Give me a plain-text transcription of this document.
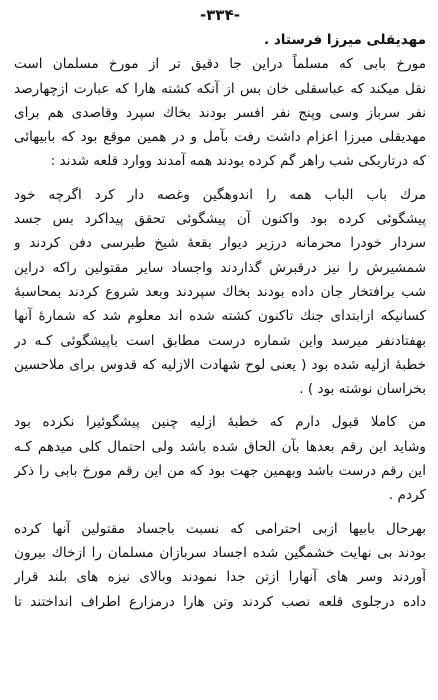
-۳۳۴-
مهدیقلی میرزا فرستاد .
مورخ بابی که مسلماً دراین جا دقیق تر از مورخ مسلمان است
نقل میکند که عباسقلی خان بس از آنکه کشته هارا که عبارت ازچهارصد
نفر سرباز وسی وپنج نفر افسر بودند بخاك سپرد وقاصدی هم برای
مهدیقلی میرزا اعزام داشت رفت بآمل و در همین موقع بود که بابیهائی
که درتاریکی شب راهر گم کرده بودند همه آمدند ووارد قلعه شدند :
مرك باب الباب همه را اندوهگین وغصه دار کرد اگرچه خود
پیشگوئی کرده بود واکنون آن پیشگوئی تحقق پیداکرد بس جسد
سردار خودرا محرمانه درزیر دیوار بقعهٔ شیخ طبرسی دفن کردند و
شمشیرش را نیز درقبرش گذاردند واجساد سایر مقتولین راکه دراین
شب برافتخار جان داده بودند بخاك سپردند وبعد شروع کردند بمحاسبهٔ
کسانیکه ازابتدای جنك تاکنون کشته شده اند معلوم شد که شمارهٔ آنها
بهفتادنفر میرسد واین شماره درست مطابق است باپیشگوئی کـه در
خطبهٔ ازلیه شده بود ( یعنی لوح شهادت الازلیه که قدوس برای ملاحسین
بخراسان نوشته بود ) .
من کاملا قبول دارم که خطبهٔ ازلیه چنین پیشگوئیرا نکرده بود
وشاید این رقم بعدها بآن الحاق شده باشد ولی احتمال کلی میدهم کـه
این رقم درست باشد وبهمین جهت بود که من این رقم مورخ بابی را ذکر
کردم .
بهرحال بابیها ازبی احترامی که نسبت باجساد مقتولین آنها کرده
بودند بی نهایت خشمگین شده اجساد سربازان مسلمان را ازخاك بیرون
آوردند وسر های آنهارا ازتن جدا نمودند وبالای نیزه های بلند قرار
داده درجلوی قلعه نصب کردند وتن هارا درمزارع اطراف انداختند تا
